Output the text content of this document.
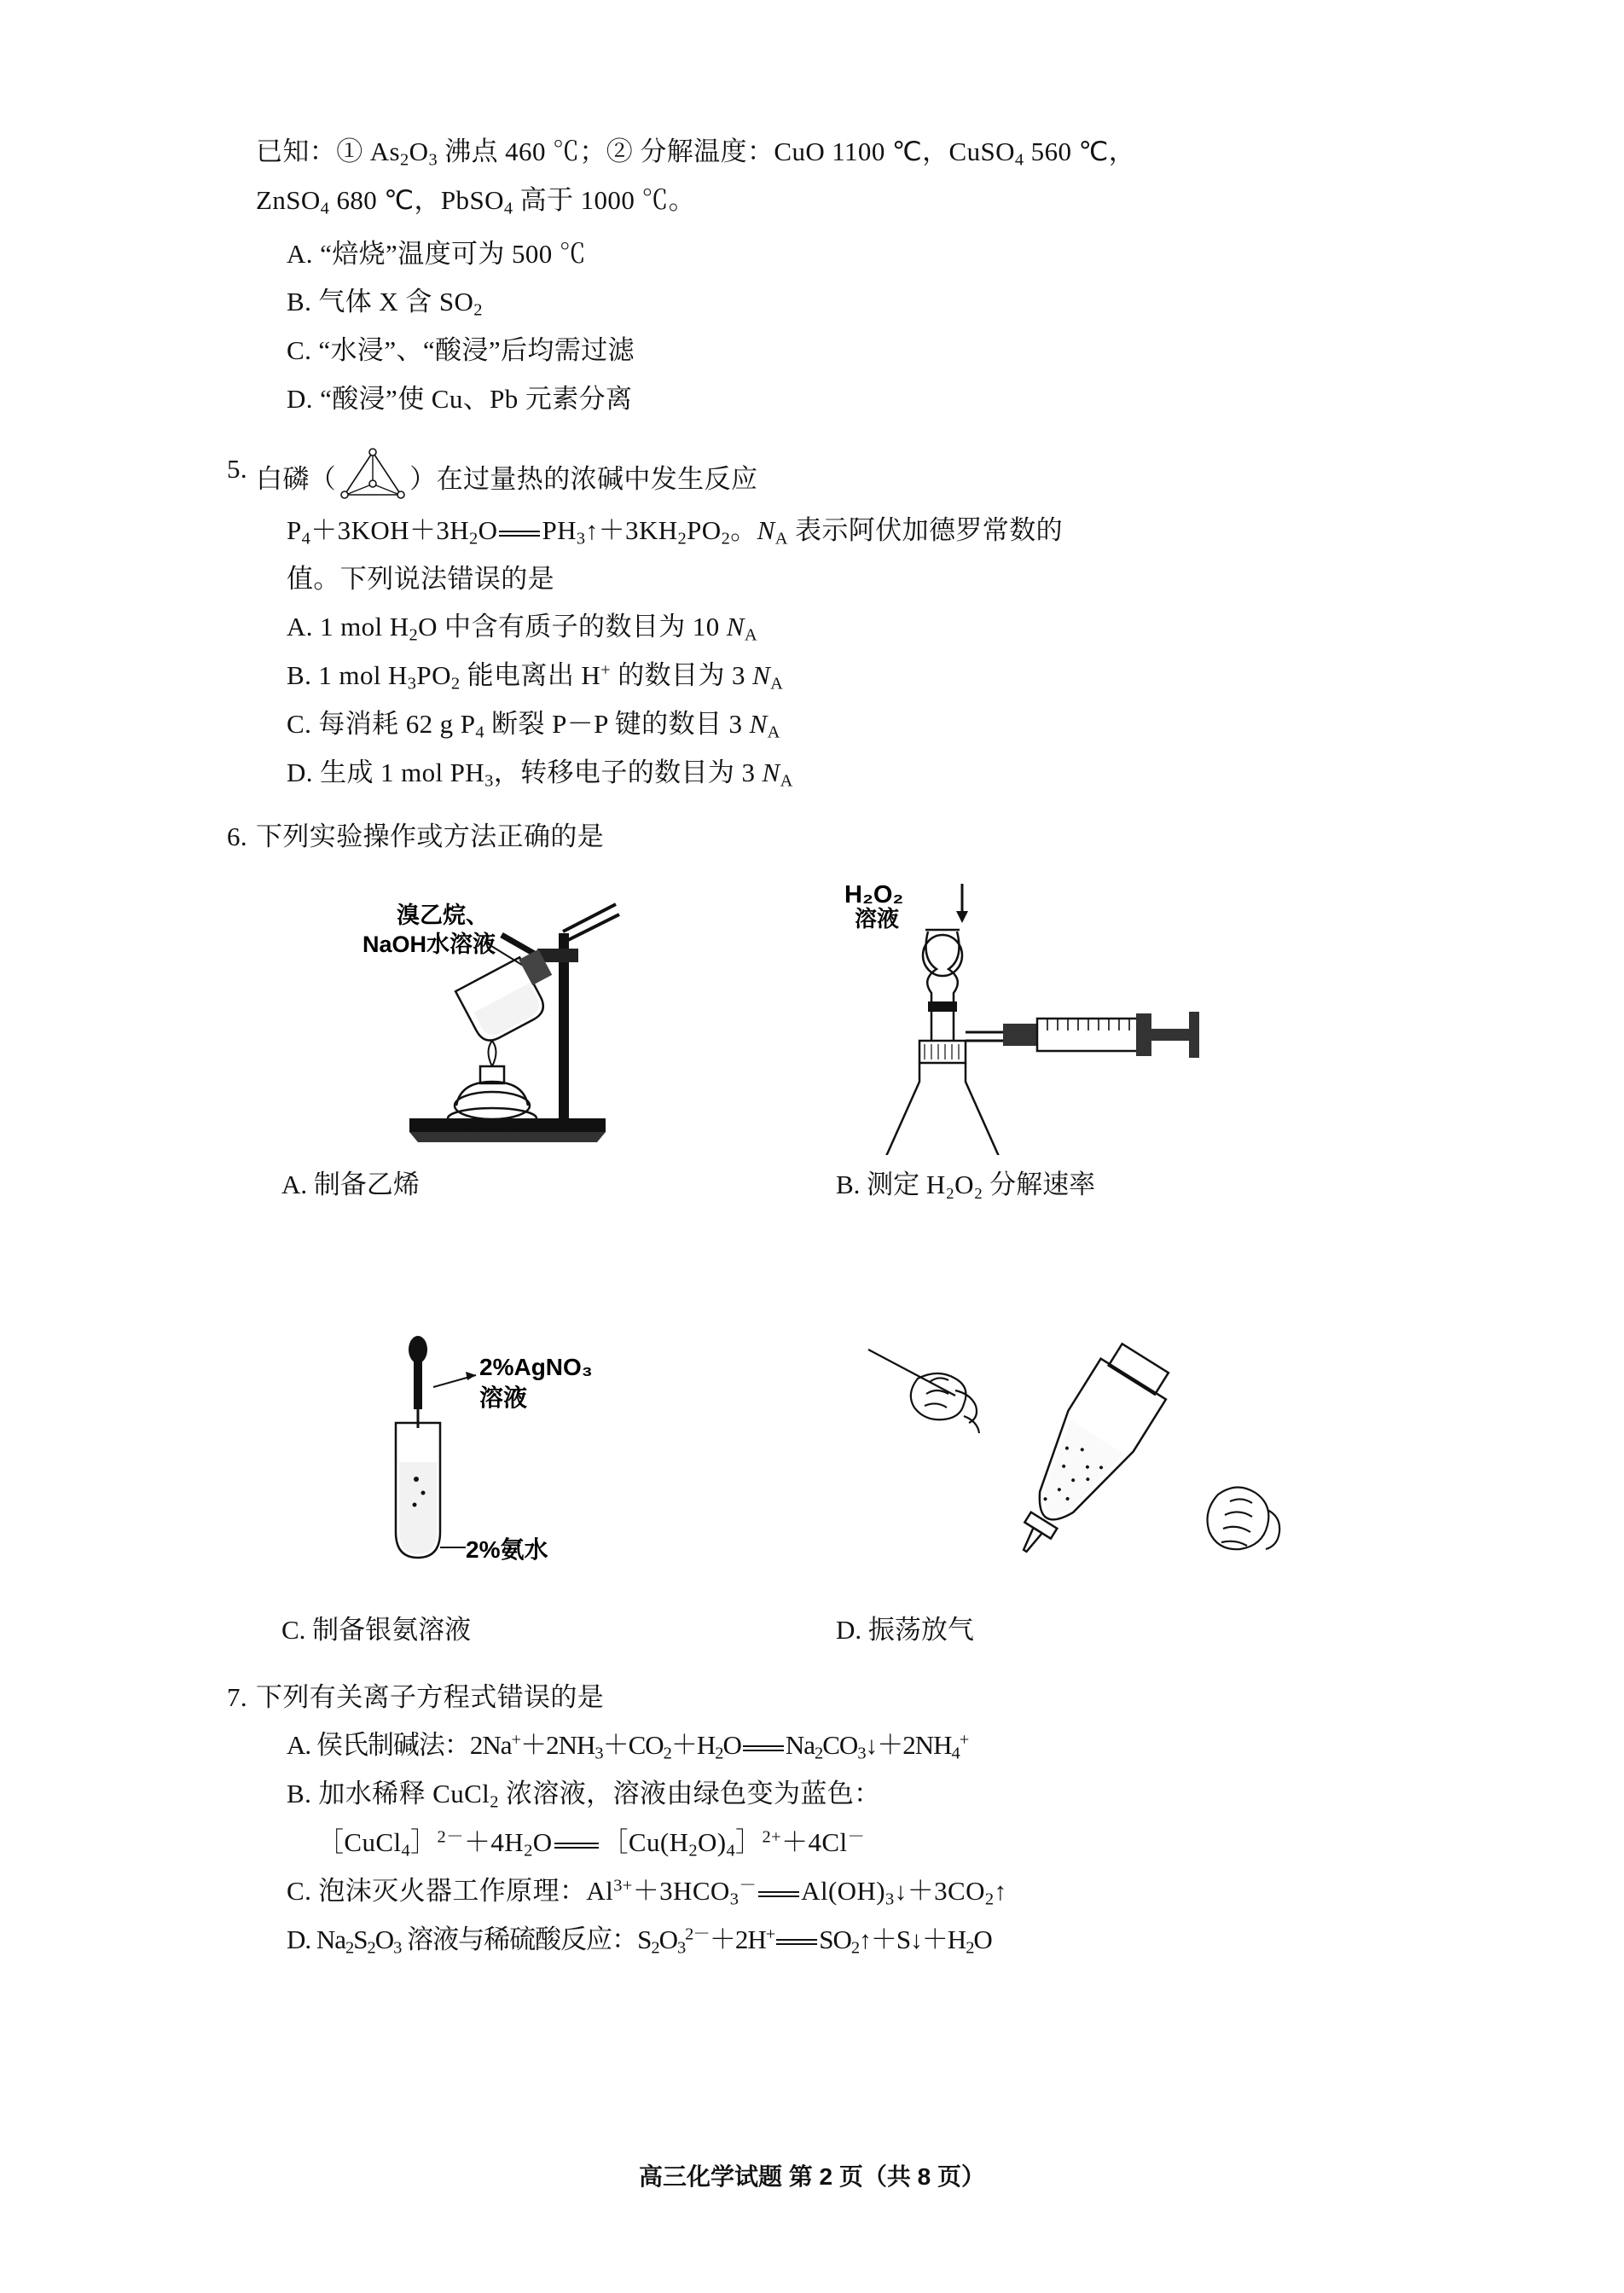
已知：① $As_2O_3$ 沸点 460 ℃；② 分解温度：CuO 1100 ℃，CuSO$_4$ 560 ℃，
ZnSO$_4$ 680 ℃，PbSO$_4$ 高于 1000 ℃。
A. “焙烧”温度可为 500 ℃
B. 气体 X 含 $SO_2$
C. “水浸”、“酸浸”后均需过滤
D. “酸浸”使 Cu、Pb 元素分离
5. 白磷（	）在过量热的浓碱中发生反应
$P_4+3KOH+3H_2O$ $PH_3↑+3KH_2PO_2$。$N_A$ 表示阿伏加德罗常数的
值。下列说法错误的是
A. 1 mol $H_2O$ 中含有质子的数目为 10 $N_A$
B. 1 mol $H_3PO_2$ 能电离出 H+ 的数目为 3 $N_A$
C. 每消耗 62 g $P_4$ 断裂 P－P 键的数目 3 $N_A$
D. 生成 1 mol $PH_3$，转移电子的数目为 3 $N_A$
6. 下列实验操作或方法正确的是
溴乙烷、
NaOH水溶液
A. 制备乙烯
H₂O₂
溶液
B. 测定 H₂O₂ 分解速率
2%AgNO₃
溶液
2%氨水
C. 制备银氨溶液	D. 振荡放气
7. 下列有关离子方程式错误的是
A. 侯氏制碱法：$2Na^++2NH_3+CO_2+H_2O$ $Na_2CO_3↓+2NH_4^+$
B. 加水稀释 CuCl$_2$ 浓溶液，溶液由绿色变为蓝色：
$[CuCl_4]^{2-}+4H_2O$ $[Cu(H_2O)_4]^{2+}+4Cl^-$
C. 泡沫灭火器工作原理：$Al^{3+}+3HCO_3^-$ $Al(OH)_3↓+3CO_2↑$
D. $Na_2S_2O_3$ 溶液与稀硫酸反应：$S_2O_3^{2-}+2H^+$ $SO_2↑+S↓+H_2O$
高三化学试题 第 2 页（共 8 页）
